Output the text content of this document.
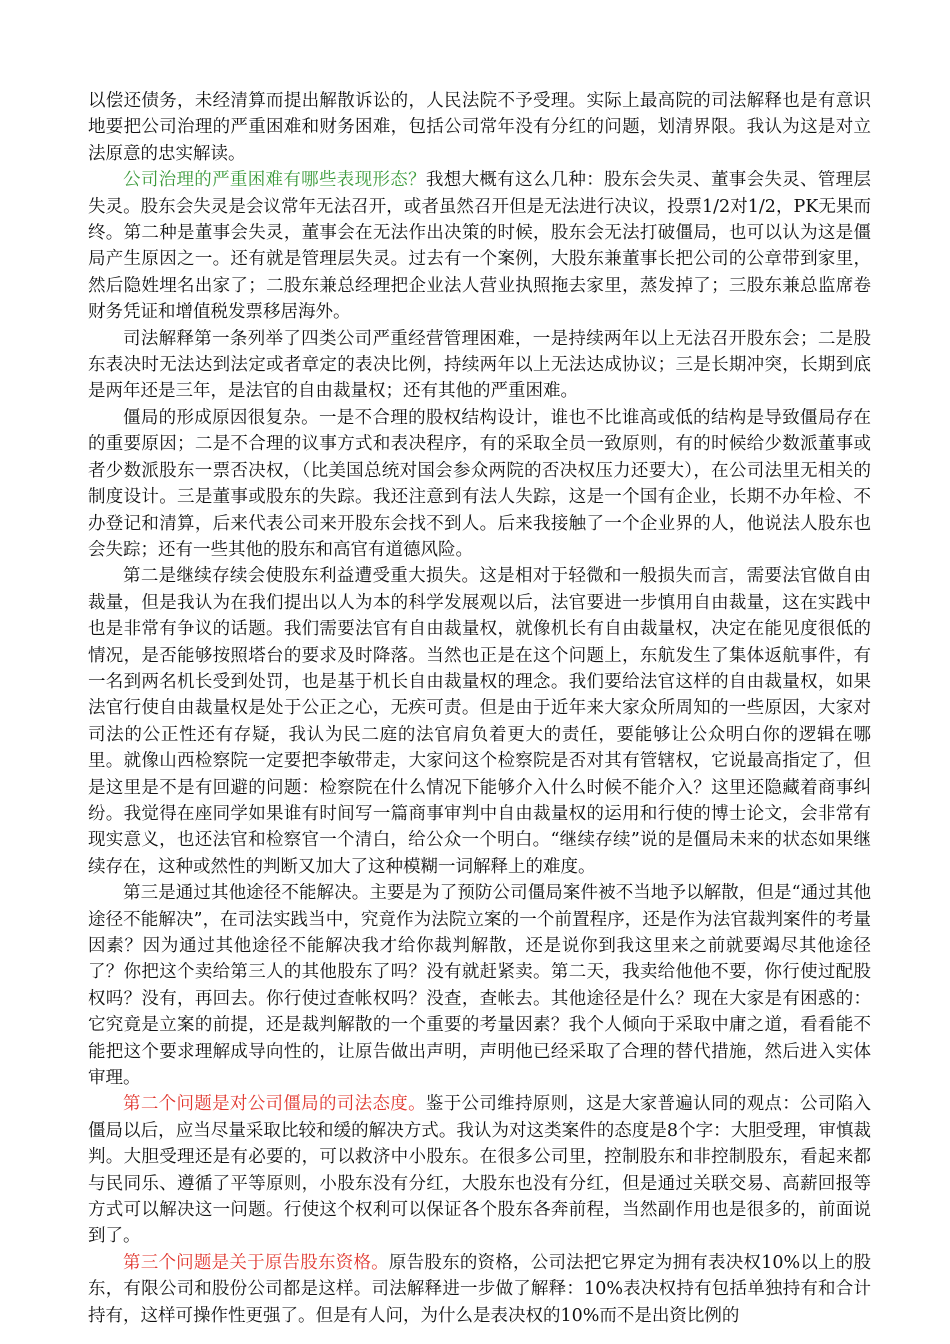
以偿还债务，未经清算而提出解散诉讼的，人民法院不予受理。实际上最高院的司法解释也是有意识地要把公司治理的严重困难和财务困难，包括公司常年没有分红的问题，划清界限。我认为这是对立法原意的忠实解读。

公司治理的严重困难有哪些表现形态？我想大概有这么几种：股东会失灵、董事会失灵、管理层失灵。股东会失灵是会议常年无法召开，或者虽然召开但是无法进行决议，投票1/2对1/2，PK无果而终。第二种是董事会失灵，董事会在无法作出决策的时候，股东会无法打破僵局，也可以认为这是僵局产生原因之一。还有就是管理层失灵。过去有一个案例，大股东兼董事长把公司的公章带到家里，然后隐姓埋名出家了；二股东兼总经理把企业法人营业执照拖去家里，蒸发掉了；三股东兼总监席卷财务凭证和增值税发票移居海外。

司法解释第一条列举了四类公司严重经营管理困难，一是持续两年以上无法召开股东会；二是股东表决时无法达到法定或者章定的表决比例，持续两年以上无法达成协议；三是长期冲突，长期到底是两年还是三年，是法官的自由裁量权；还有其他的严重困难。

僵局的形成原因很复杂。一是不合理的股权结构设计，谁也不比谁高或低的结构是导致僵局存在的重要原因；二是不合理的议事方式和表决程序，有的采取全员一致原则，有的时候给少数派董事或者少数派股东一票否决权，（比美国总统对国会参众两院的否决权压力还要大），在公司法里无相关的制度设计。三是董事或股东的失踪。我还注意到有法人失踪，这是一个国有企业，长期不办年检、不办登记和清算，后来代表公司来开股东会找不到人。后来我接触了一个企业界的人，他说法人股东也会失踪；还有一些其他的股东和高官有道德风险。

第二是继续存续会使股东利益遭受重大损失。这是相对于轻微和一般损失而言，需要法官做自由裁量，但是我认为在我们提出以人为本的科学发展观以后，法官要进一步慎用自由裁量，这在实践中也是非常有争议的话题。我们需要法官有自由裁量权，就像机长有自由裁量权，决定在能见度很低的情况，是否能够按照塔台的要求及时降落。当然也正是在这个问题上，东航发生了集体返航事件，有一名到两名机长受到处罚，也是基于机长自由裁量权的理念。我们要给法官这样的自由裁量权，如果法官行使自由裁量权是处于公正之心，无疾可责。但是由于近年来大家众所周知的一些原因，大家对司法的公正性还有存疑，我认为民二庭的法官肩负着更大的责任，要能够让公众明白你的逻辑在哪里。就像山西检察院一定要把李敏带走，大家问这个检察院是否对其有管辖权，它说最高指定了，但是这里是不是有回避的问题：检察院在什么情况下能够介入什么时候不能介入？这里还隐藏着商事纠纷。我觉得在座同学如果谁有时间写一篇商事审判中自由裁量权的运用和行使的博士论文，会非常有现实意义，也还法官和检察官一个清白，给公众一个明白。“继续存续”说的是僵局未来的状态如果继续存在，这种或然性的判断又加大了这种模糊一词解释上的难度。

第三是通过其他途径不能解决。主要是为了预防公司僵局案件被不当地予以解散，但是“通过其他途径不能解决”，在司法实践当中，究竟作为法院立案的一个前置程序，还是作为法官裁判案件的考量因素？因为通过其他途径不能解决我才给你裁判解散，还是说你到我这里来之前就要竭尽其他途径了？你把这个卖给第三人的其他股东了吗？没有就赶紧卖。第二天，我卖给他他不要，你行使过配股权吗？没有，再回去。你行使过查帐权吗？没查，查帐去。其他途径是什么？现在大家是有困惑的：它究竟是立案的前提，还是裁判解散的一个重要的考量因素？我个人倾向于采取中庸之道，看看能不能把这个要求理解成导向性的，让原告做出声明，声明他已经采取了合理的替代措施，然后进入实体审理。

第二个问题是对公司僵局的司法态度。鉴于公司维持原则，这是大家普遍认同的观点：公司陷入僵局以后，应当尽量采取比较和缓的解决方式。我认为对这类案件的态度是8个字：大胆受理，审慎裁判。大胆受理还是有必要的，可以救济中小股东。在很多公司里，控制股东和非控制股东，看起来都与民同乐、遵循了平等原则，小股东没有分红，大股东也没有分红，但是通过关联交易、高薪回报等方式可以解决这一问题。行使这个权利可以保证各个股东各奔前程，当然副作用也是很多的，前面说到了。

第三个问题是关于原告股东资格。原告股东的资格，公司法把它界定为拥有表决权10%以上的股东，有限公司和股份公司都是这样。司法解释进一步做了解释：10%表决权持有包括单独持有和合计持有，这样可操作性更强了。但是有人问，为什么是表决权的10%而不是出资比例的
